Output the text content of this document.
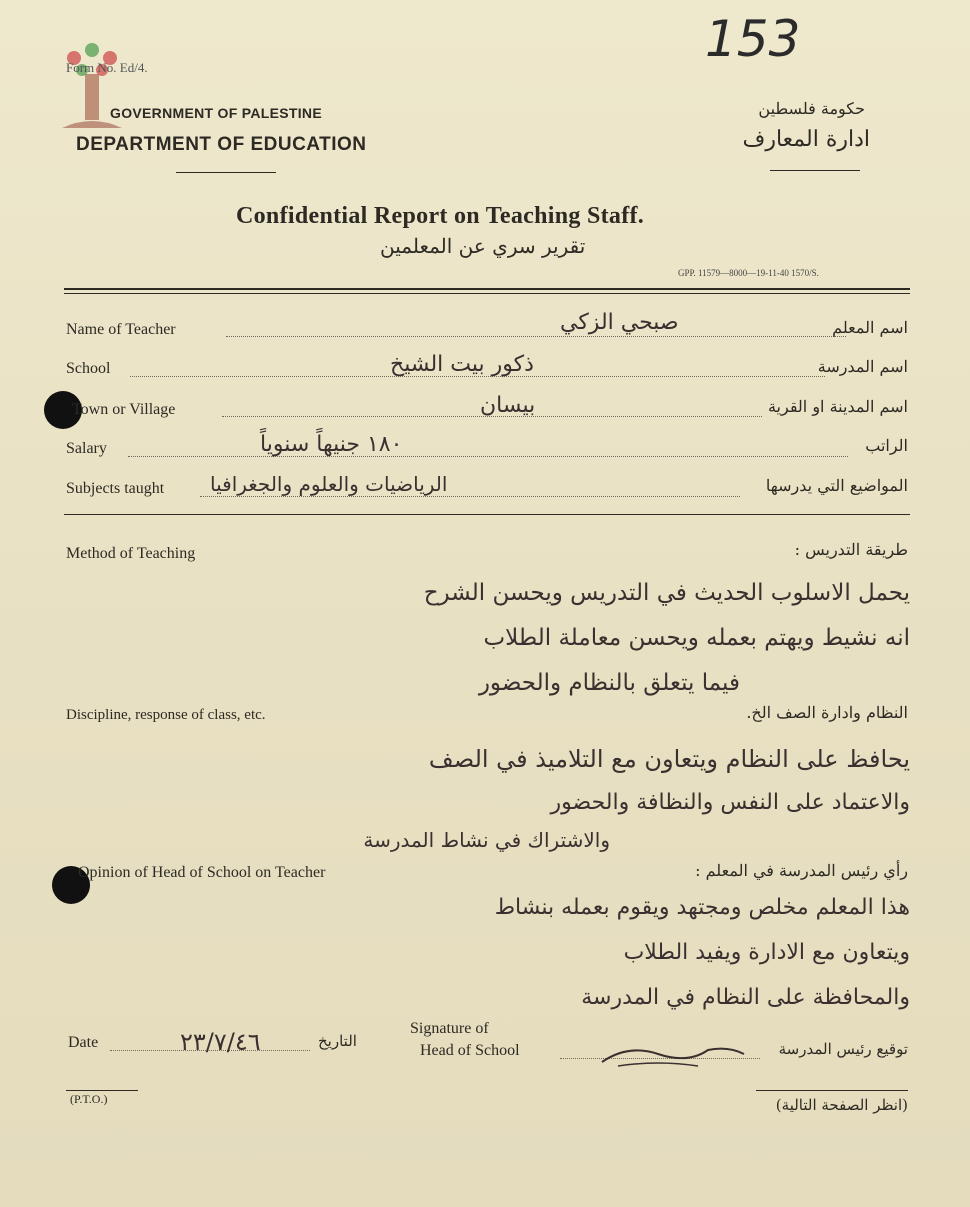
153
Form No. Ed/4.
GOVERNMENT OF PALESTINE
DEPARTMENT OF EDUCATION
حكومة فلسطين
ادارة المعارف
Confidential Report on Teaching Staff.
تقرير سري عن المعلمين
GPP. 11579—8000—19-11-40 1570/S.
Name of Teacher	صبحي الزكي	اسم المعلم
School	ذكور بيت الشيخ	اسم المدرسة
Town or Village	بيسان	اسم المدينة او القرية
Salary	١٨٠ جنيهاً سنوياً	الراتب
Subjects taught الرياضيات والعلوم والجغرافيا	المواضيع التي يدرسها
Method of Teaching	طريقة التدريس :
يحمل الاسلوب الحديث في التدريس ويحسن الشرح
انه نشيط ويهتم بعمله ويحسن معاملة الطلاب
فيما يتعلق بالنظام والحضور
Discipline, response of class, etc.	النظام وادارة الصف الخ.
يحافظ على النظام ويتعاون مع التلاميذ في الصف
والاعتماد على النفس والنظافة والحضور
والاشتراك في نشاط المدرسة
Opinion of Head of School on Teacher	رأي رئيس المدرسة في المعلم :
هذا المعلم مخلص ومجتهد ويقوم بعمله بنشاط
ويتعاون مع الادارة ويفيد الطلاب
والمحافظة على النظام في المدرسة
Date	٢٣/٧/٤٦	التاريخ
Signature of
Head of School	توقيع رئيس المدرسة
(P.T.O.)	(انظر الصفحة التالية)
